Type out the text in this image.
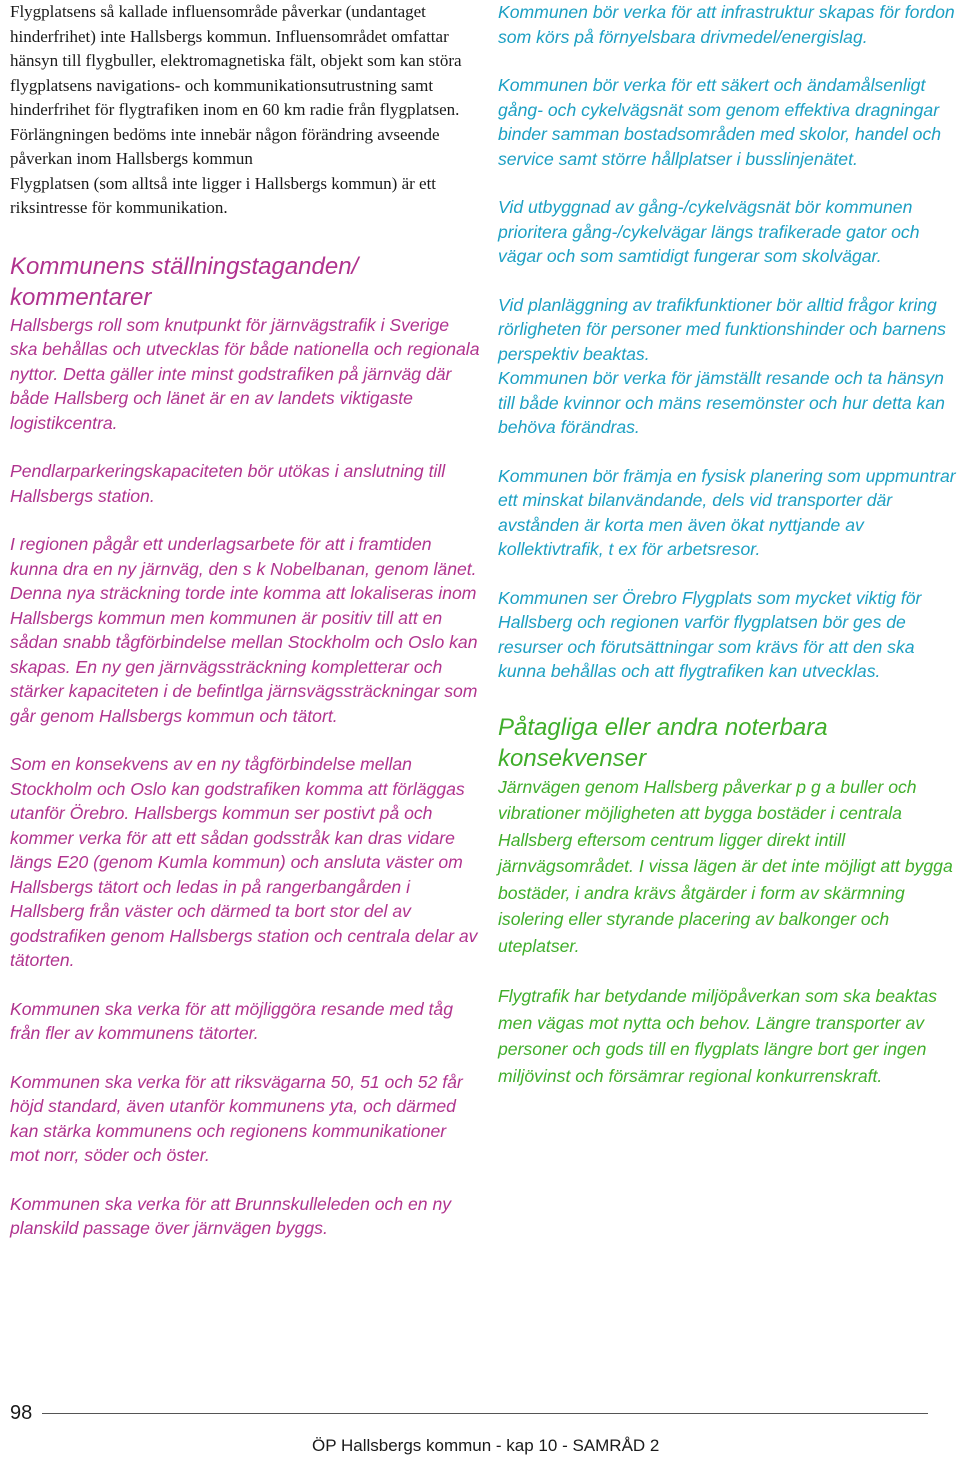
Flygplatsens så kallade influensområde påverkar (undantaget hinderfrihet) inte Hallsbergs kommun. Influensområdet omfattar hänsyn till flygbuller, elektromagnetiska fält, objekt som kan störa flygplatsens navigations- och kommunikationsutrustning samt hinderfrihet för flygtrafiken inom en 60 km radie från flygplatsen. Förlängningen bedöms inte innebär någon förändring avseende påverkan inom Hallsbergs kommun

Flygplatsen (som alltså inte ligger i Hallsbergs kommun) är ett riksintresse för kommunikation.

Kommunens ställningstaganden/
kommentarer

Hallsbergs roll som knutpunkt för järnvägstrafik i Sverige ska behållas och utvecklas för både nationella och regionala nyttor. Detta gäller inte minst godstrafiken på järnväg där både Hallsberg och länet är en av landets viktigaste logistikcentra.

Pendlarparkeringskapaciteten bör utökas i anslutning till Hallsbergs station.

I regionen pågår ett underlagsarbete för att i framtiden kunna dra en ny järnväg, den s k Nobelbanan, genom länet. Denna nya sträckning torde inte komma att lokaliseras inom Hallsbergs kommun men kommunen är positiv till att en sådan snabb tågförbindelse mellan Stockholm och Oslo kan skapas. En ny gen järnvägssträckning kompletterar och stärker kapaciteten i de befintlga järnsvägssträckningar som går genom Hallsbergs kommun och tätort.

Som en konsekvens av en ny tågförbindelse mellan Stockholm och Oslo kan godstrafiken komma att förläggas utanför Örebro. Hallsbergs kommun ser postivt på och kommer verka för att ett sådan godsstråk kan dras vidare längs E20 (genom Kumla kommun) och ansluta väster om Hallsbergs tätort och ledas in på rangerbangården i Hallsberg från väster och därmed ta bort stor del av godstrafiken genom Hallsbergs station och centrala delar av tätorten.

Kommunen ska verka för att möjliggöra resande med tåg från fler av kommunens tätorter.

Kommunen ska verka för att riksvägarna 50, 51 och 52 får höjd standard, även utanför kommunens yta, och därmed kan stärka kommunens och regionens kommunikationer mot norr, söder och öster.

Kommunen ska verka för att Brunnskulleleden och en ny planskild passage över järnvägen byggs.

Kommunen bör verka för att infrastruktur skapas för fordon som körs på förnyelsbara drivmedel/energislag.

Kommunen bör verka för ett säkert och ändamålsenligt gång- och cykelvägsnät som genom effektiva dragningar binder samman bostadsområden med skolor, handel och service samt större hållplatser i busslinjenätet.

Vid utbyggnad av gång-/cykelvägsnät bör kommunen prioritera gång-/cykelvägar längs trafikerade gator och vägar och som samtidigt fungerar som skolvägar.

Vid planläggning av trafikfunktioner bör alltid frågor kring rörligheten för personer med funktionshinder och barnens perspektiv beaktas.

Kommunen bör verka för jämställt resande och ta hänsyn till både kvinnor och mäns resemönster och hur detta kan behöva förändras.

Kommunen bör främja en fysisk planering som uppmuntrar ett minskat bilanvändande, dels vid transporter där avstånden är korta men även ökat nyttjande av kollektivtrafik, t ex för arbetsresor.

Kommunen ser Örebro Flygplats som mycket viktig för Hallsberg och regionen varför flygplatsen bör ges de resurser och förutsättningar som krävs för att den ska kunna behållas och att flygtrafiken kan utvecklas.

Påtagliga eller andra noterbara
konsekvenser

Järnvägen genom Hallsberg påverkar p g a buller och vibrationer möjligheten att bygga bostäder i centrala Hallsberg eftersom centrum ligger direkt intill järnvägsområdet. I vissa lägen är det inte möjligt att bygga bostäder, i andra krävs åtgärder i form av skärmning isolering eller styrande placering av balkonger och uteplatser.

Flygtrafik har betydande miljöpåverkan som ska beaktas men vägas mot nytta och behov. Längre transporter av personer och gods till en flygplats längre bort ger ingen miljövinst och försämrar regional konkurrenskraft.

98
ÖP Hallsbergs kommun - kap 10 - SAMRÅD 2
